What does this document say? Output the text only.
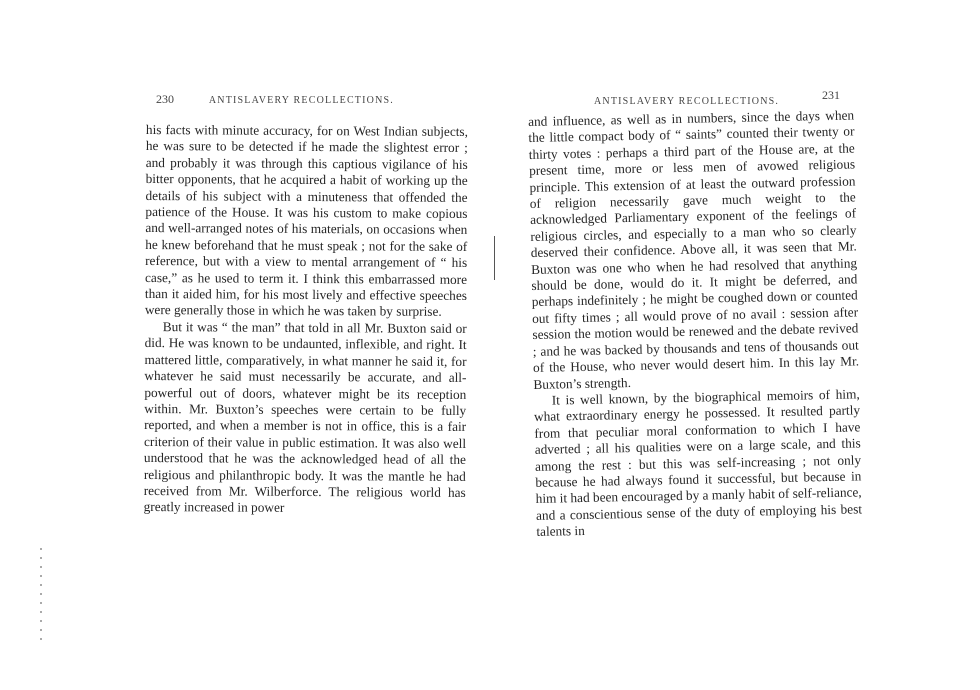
230	ANTISLAVERY RECOLLECTIONS.

his facts with minute accuracy, for on West Indian subjects, he was sure to be detected if he made the slightest error ; and probably it was through this captious vigilance of his bitter opponents, that he acquired a habit of working up the details of his subject with a minuteness that offended the patience of the House. It was his custom to make copious and well-arranged notes of his materials, on occasions when he knew beforehand that he must speak ; not for the sake of reference, but with a view to mental arrangement of “ his case,” as he used to term it. I think this embarrassed more than it aided him, for his most lively and effective speeches were generally those in which he was taken by surprise.

But it was “ the man” that told in all Mr. Buxton said or did. He was known to be undaunted, inflexible, and right. It mattered little, comparatively, in what manner he said it, for whatever he said must necessarily be accurate, and all-powerful out of doors, whatever might be its reception within. Mr. Buxton’s speeches were certain to be fully reported, and when a member is not in office, this is a fair criterion of their value in public estimation. It was also well understood that he was the acknowledged head of all the religious and philanthropic body. It was the mantle he had received from Mr. Wilberforce. The religious world has greatly increased in power

ANTISLAVERY RECOLLECTIONS.	231

and influence, as well as in numbers, since the days when the little compact body of “ saints” counted their twenty or thirty votes : perhaps a third part of the House are, at the present time, more or less men of avowed religious principle. This extension of at least the outward profession of religion necessarily gave much weight to the acknowledged Parliamentary exponent of the feelings of religious circles, and especially to a man who so clearly deserved their confidence. Above all, it was seen that Mr. Buxton was one who when he had resolved that anything should be done, would do it. It might be deferred, and perhaps indefinitely ; he might be coughed down or counted out fifty times ; all would prove of no avail : session after session the motion would be renewed and the debate revived ; and he was backed by thousands and tens of thousands out of the House, who never would desert him. In this lay Mr. Buxton’s strength.

It is well known, by the biographical memoirs of him, what extraordinary energy he possessed. It resulted partly from that peculiar moral conformation to which I have adverted ; all his qualities were on a large scale, and this among the rest : but this was self-increasing ; not only because he had always found it successful, but because in him it had been encouraged by a manly habit of self-reliance, and a conscientious sense of the duty of employing his best talents in
